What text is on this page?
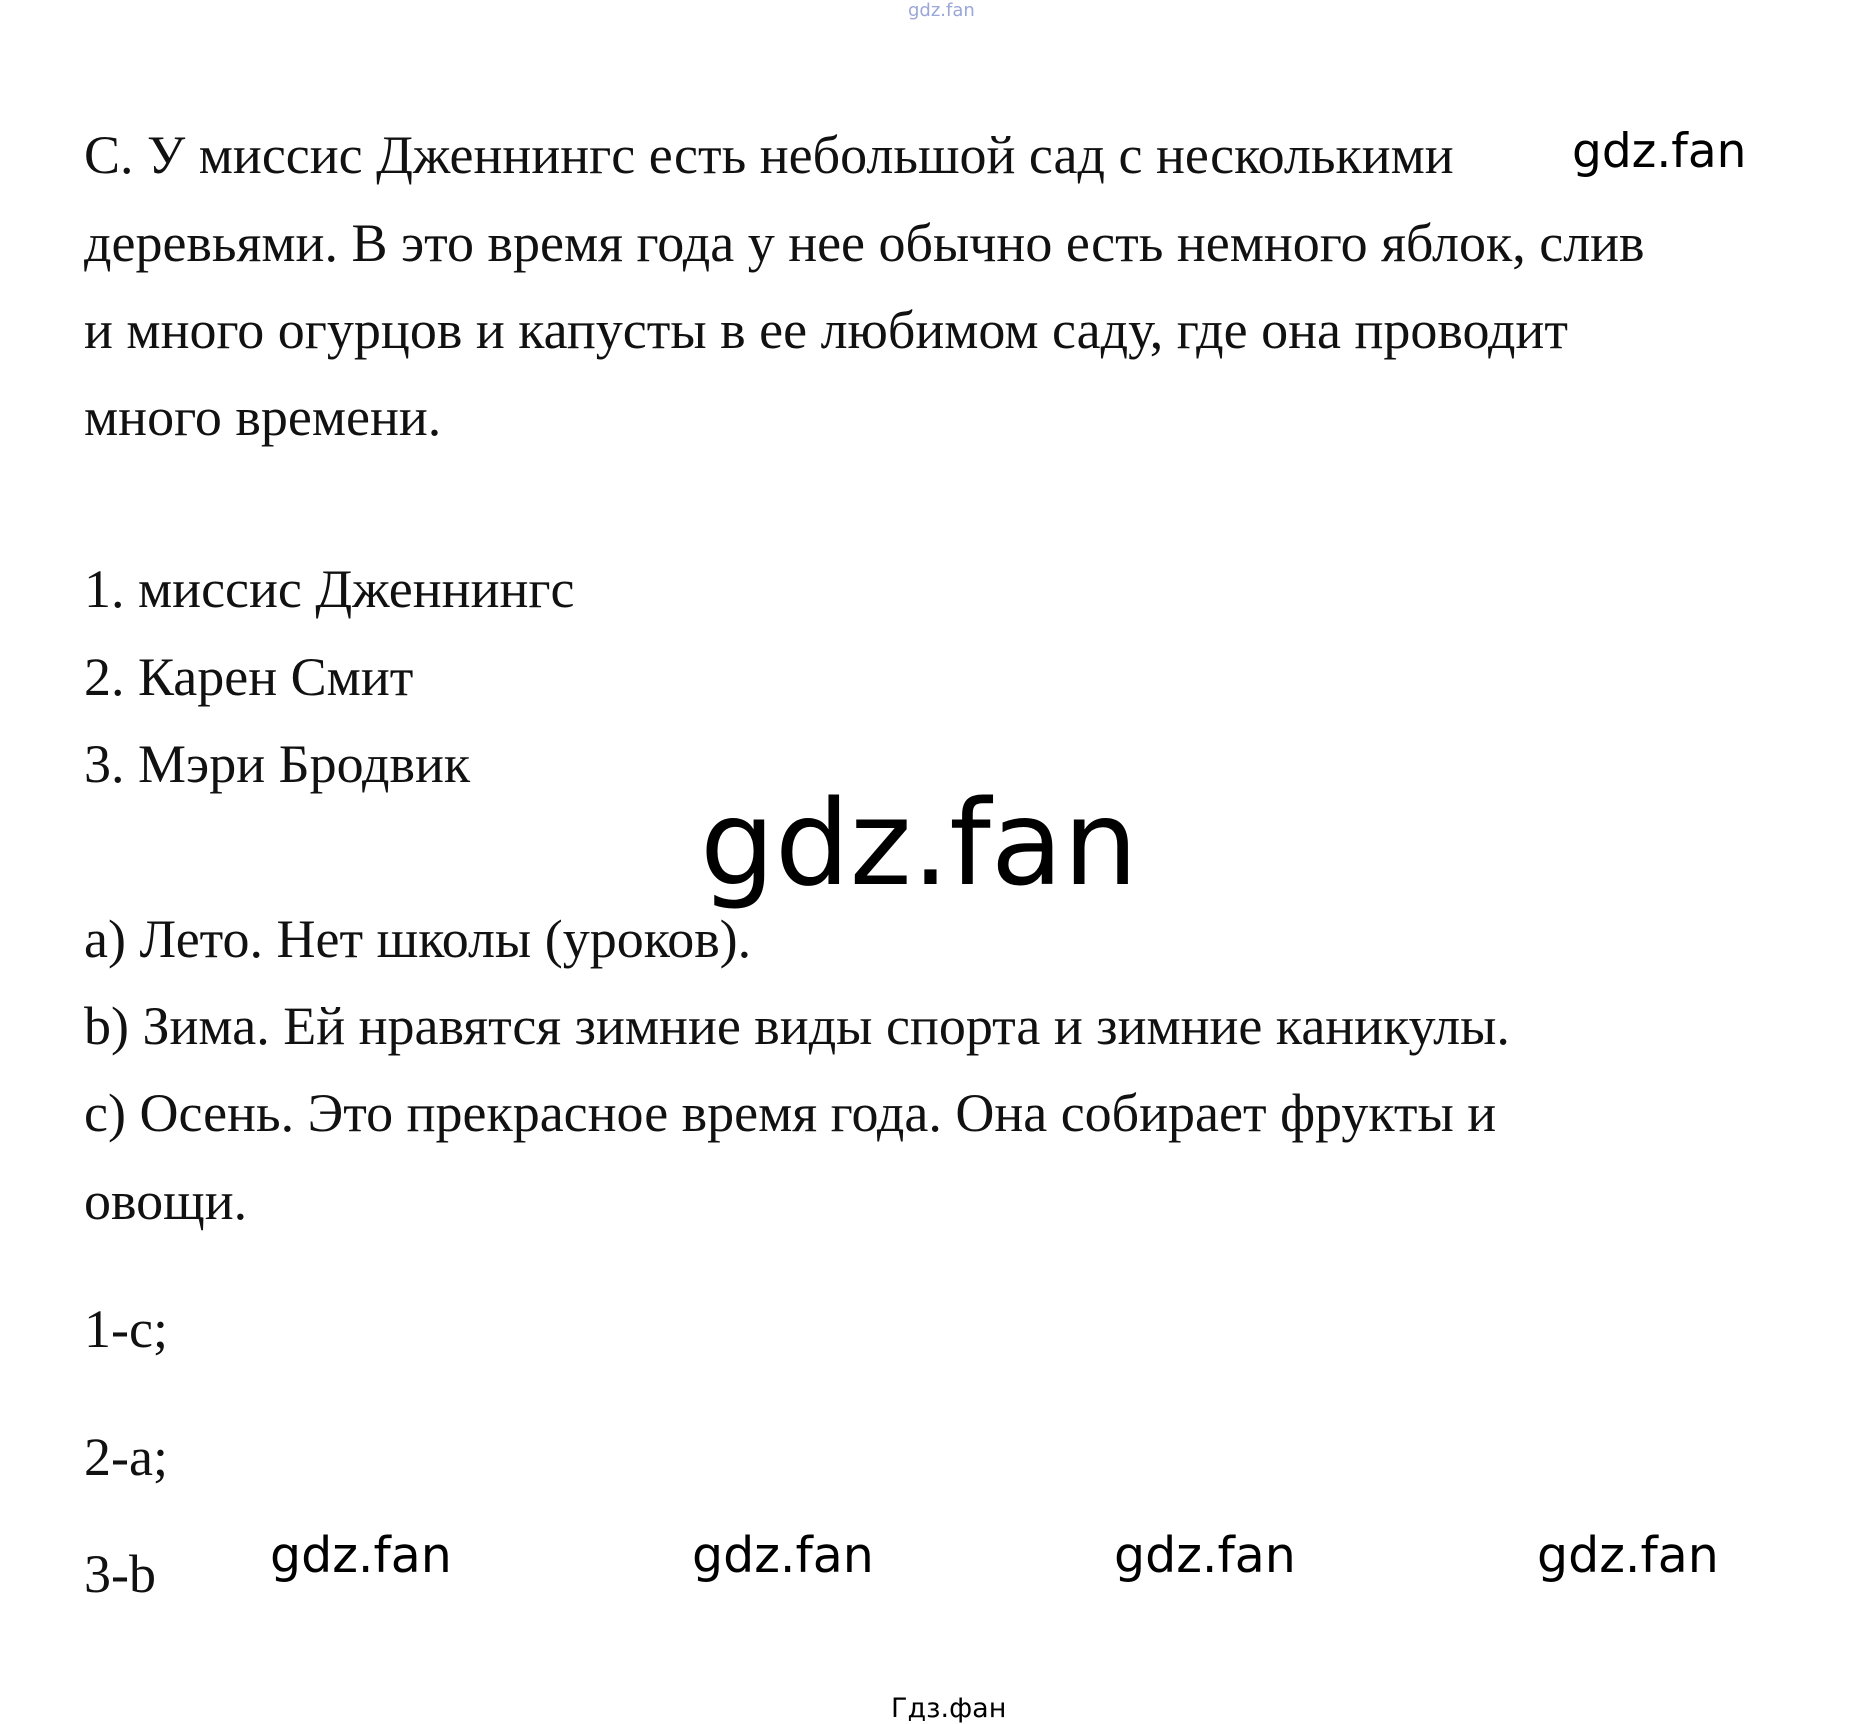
gdz.fan
C. У миссис Дженнингс есть небольшой сад с несколькими
деревьями. В это время года у нее обычно есть немного яблок, слив
и много огурцов и капусты в ее любимом саду, где она проводит
много времени.
gdz.fan
1. миссис Дженнингс
2. Карен Смит
3. Мэри Бродвик
gdz.fan
a) Лето. Нет школы (уроков).
b) Зима. Ей нравятся зимние виды спорта и зимние каникулы.
c) Осень. Это прекрасное время года. Она собирает фрукты и
овощи.
1-c;
2-a;
3-b gdz.fan	gdz.fan	gdz.fan	gdz.fan
Гдз.фан
